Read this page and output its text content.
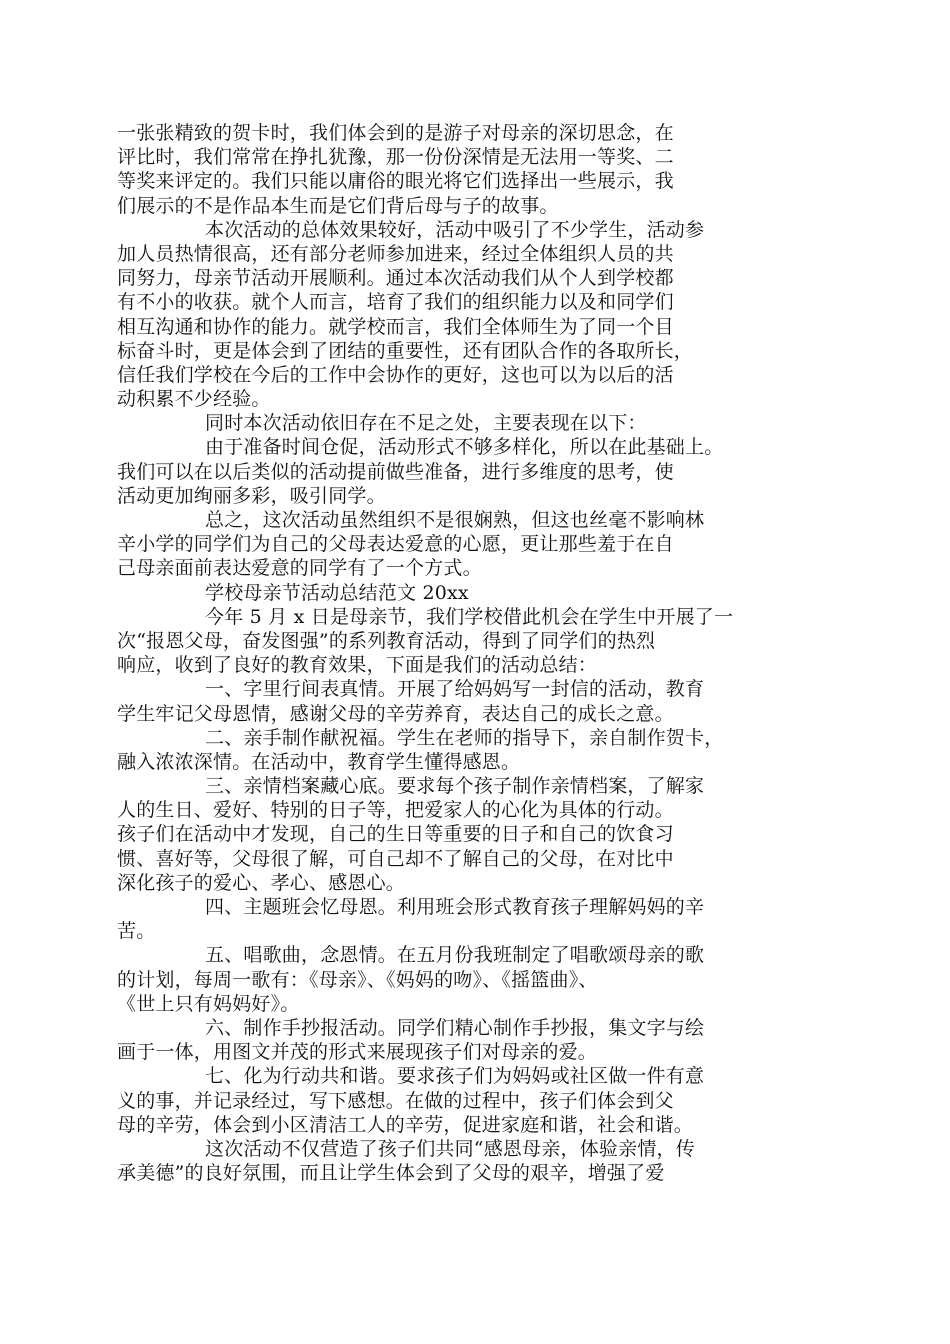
一张张精致的贺卡时，我们体会到的是游子对母亲的深切思念，在
评比时，我们常常在挣扎犹豫，那一份份深情是无法用一等奖、二
等奖来评定的。我们只能以庸俗的眼光将它们选择出一些展示，我
们展示的不是作品本生而是它们背后母与子的故事。
本次活动的总体效果较好，活动中吸引了不少学生，活动参
加人员热情很高，还有部分老师参加进来，经过全体组织人员的共
同努力，母亲节活动开展顺利。通过本次活动我们从个人到学校都
有不小的收获。就个人而言，培育了我们的组织能力以及和同学们
相互沟通和协作的能力。就学校而言，我们全体师生为了同一个目
标奋斗时，更是体会到了团结的重要性，还有团队合作的各取所长，
信任我们学校在今后的工作中会协作的更好，这也可以为以后的活
动积累不少经验。
同时本次活动依旧存在不足之处，主要表现在以下：
由于准备时间仓促，活动形式不够多样化，所以在此基础上。
我们可以在以后类似的活动提前做些准备，进行多维度的思考，使
活动更加绚丽多彩，吸引同学。
总之，这次活动虽然组织不是很娴熟，但这也丝毫不影响林
辛小学的同学们为自己的父母表达爱意的心愿，更让那些羞于在自
己母亲面前表达爱意的同学有了一个方式。
学校母亲节活动总结范文 20xx
今年 5 月 x 日是母亲节，我们学校借此机会在学生中开展了一
次“报恩父母，奋发图强”的系列教育活动，得到了同学们的热烈
响应，收到了良好的教育效果，下面是我们的活动总结：
一、字里行间表真情。开展了给妈妈写一封信的活动，教育
学生牢记父母恩情，感谢父母的辛劳养育，表达自己的成长之意。
二、亲手制作献祝福。学生在老师的指导下，亲自制作贺卡，
融入浓浓深情。在活动中，教育学生懂得感恩。
三、亲情档案藏心底。要求每个孩子制作亲情档案，了解家
人的生日、爱好、特别的日子等，把爱家人的心化为具体的行动。
孩子们在活动中才发现，自己的生日等重要的日子和自己的饮食习
惯、喜好等，父母很了解，可自己却不了解自己的父母，在对比中
深化孩子的爱心、孝心、感恩心。
四、主题班会忆母恩。利用班会形式教育孩子理解妈妈的辛
苦。
五、唱歌曲，念恩情。在五月份我班制定了唱歌颂母亲的歌
的计划，每周一歌有：《母亲》、《妈妈的吻》、《摇篮曲》、
《世上只有妈妈好》。
六、制作手抄报活动。同学们精心制作手抄报，集文字与绘
画于一体，用图文并茂的形式来展现孩子们对母亲的爱。
七、化为行动共和谐。要求孩子们为妈妈或社区做一件有意
义的事，并记录经过，写下感想。在做的过程中，孩子们体会到父
母的辛劳，体会到小区清洁工人的辛劳，促进家庭和谐，社会和谐。
这次活动不仅营造了孩子们共同“感恩母亲，体验亲情，传
承美德”的良好氛围，而且让学生体会到了父母的艰辛，增强了爱
